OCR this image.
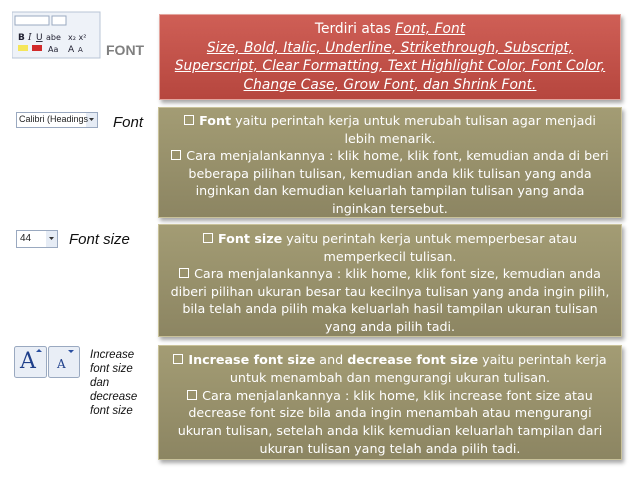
B I U abe x₂ x²
Aa A A FONT

Terdiri atas Font, Font

Size, Bold, Italic, Underline, Strikethrough, Subscript, Superscript, Clear Formatting, Text Highlight Color, Font Color, Change Case, Grow Font, dan Shrink Font.

Calibri (Headings Font	Font yaitu perintah kerja untuk merubah tulisan agar menjadi lebih menarik.

Cara menjalankannya : klik home, klik font, kemudian anda di beri beberapa pilihan tulisan, kemudian anda klik tulisan yang anda inginkan dan kemudian keluarlah tampilan tulisan yang anda inginkan tersebut.

44	Font size	Font size yaitu perintah kerja untuk memperbesar atau memperkecil tulisan.

Cara menjalankannya : klik home, klik font size, kemudian anda diberi pilihan ukuran besar tau kecilnya tulisan yang anda ingin pilih, bila telah anda pilih maka keluarlah hasil tampilan ukuran tulisan yang anda pilih tadi.

A A
Increase font size dan decrease font size

Increase font size and decrease font size yaitu perintah kerja untuk menambah dan mengurangi ukuran tulisan.

Cara menjalankannya : klik home, klik increase font size atau decrease font size bila anda ingin menambah atau mengurangi ukuran tulisan, setelah anda klik kemudian keluarlah tampilan dari ukuran tulisan yang telah anda pilih tadi.
